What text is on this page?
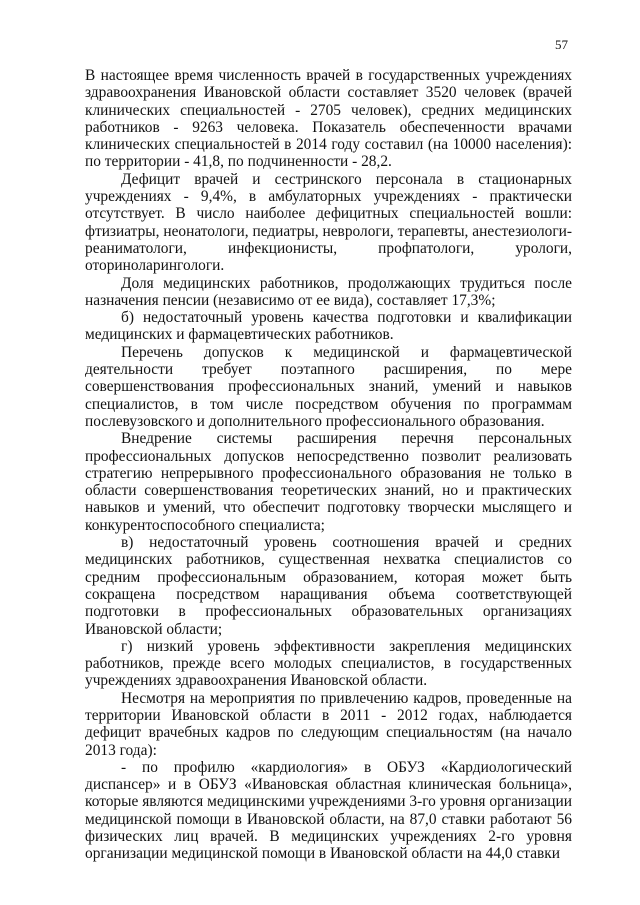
57

В настоящее время численность врачей в государственных учреждениях здравоохранения Ивановской области составляет 3520 человек (врачей клинических специальностей - 2705 человек), средних медицинских работников - 9263 человека. Показатель обеспеченности врачами клинических специальностей в 2014 году составил (на 10000 населения): по территории - 41,8, по подчиненности - 28,2.

Дефицит врачей и сестринского персонала в стационарных учреждениях - 9,4%, в амбулаторных учреждениях - практически отсутствует. В число наиболее дефицитных специальностей вошли: фтизиатры, неонатологи, педиатры, неврологи, терапевты, анестезиологи-реаниматологи, инфекционисты, профпатологи, урологи, оториноларингологи.

Доля медицинских работников, продолжающих трудиться после назначения пенсии (независимо от ее вида), составляет 17,3%;

б) недостаточный уровень качества подготовки и квалификации медицинских и фармацевтических работников.

Перечень допусков к медицинской и фармацевтической деятельности требует поэтапного расширения, по мере совершенствования профессиональных знаний, умений и навыков специалистов, в том числе посредством обучения по программам послевузовского и дополнительного профессионального образования.

Внедрение системы расширения перечня персональных профессиональных допусков непосредственно позволит реализовать стратегию непрерывного профессионального образования не только в области совершенствования теоретических знаний, но и практических навыков и умений, что обеспечит подготовку творчески мыслящего и конкурентоспособного специалиста;

в) недостаточный уровень соотношения врачей и средних медицинских работников, существенная нехватка специалистов со средним профессиональным образованием, которая может быть сокращена посредством наращивания объема соответствующей подготовки в профессиональных образовательных организациях Ивановской области;

г) низкий уровень эффективности закрепления медицинских работников, прежде всего молодых специалистов, в государственных учреждениях здравоохранения Ивановской области.

Несмотря на мероприятия по привлечению кадров, проведенные на территории Ивановской области в 2011 - 2012 годах, наблюдается дефицит врачебных кадров по следующим специальностям (на начало 2013 года):

- по профилю «кардиология» в ОБУЗ «Кардиологический диспансер» и в ОБУЗ «Ивановская областная клиническая больница», которые являются медицинскими учреждениями 3-го уровня организации медицинской помощи в Ивановской области, на 87,0 ставки работают 56 физических лиц врачей. В медицинских учреждениях 2-го уровня организации медицинской помощи в Ивановской области на 44,0 ставки
